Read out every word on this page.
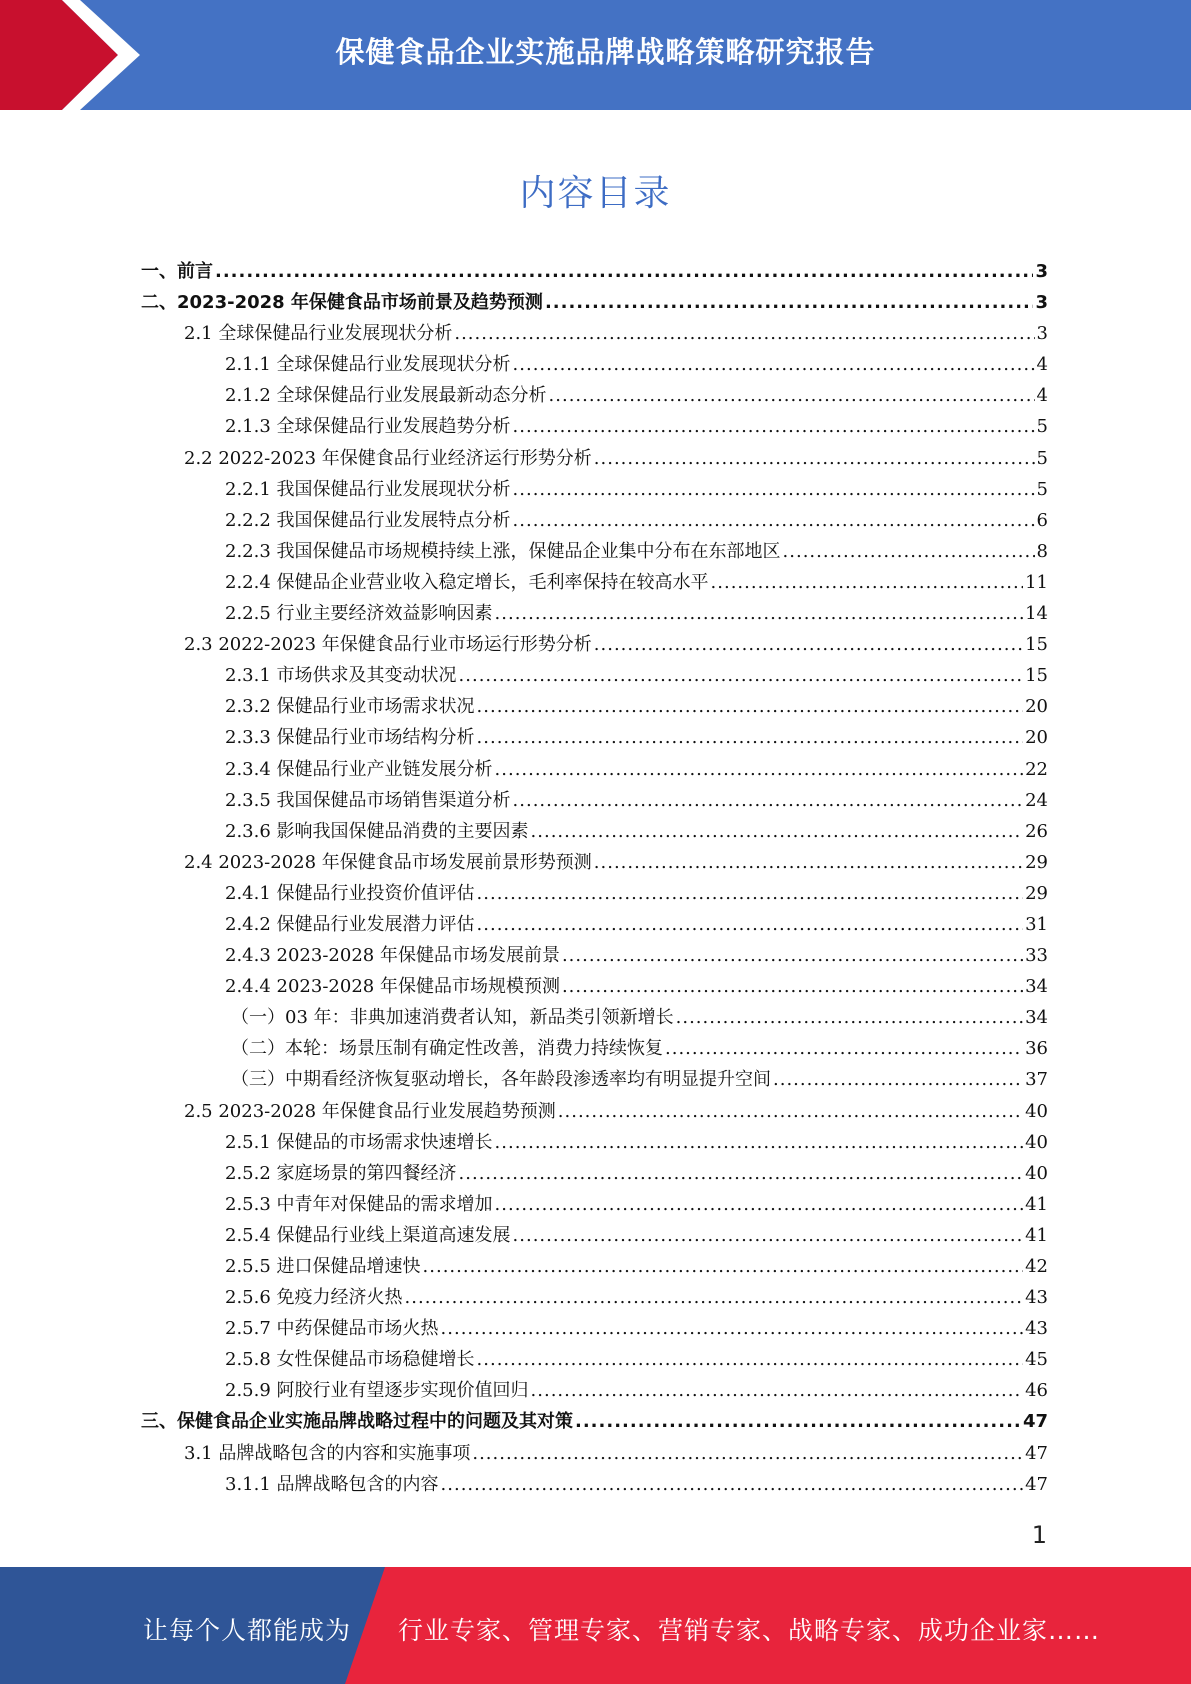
保健食品企业实施品牌战略策略研究报告
内容目录
一、前言 .....	3
二、2023-2028 年保健食品市场前景及趋势预测 .....	3
2.1 全球保健品行业发展现状分析 .....	3
2.1.1 全球保健品行业发展现状分析 .....	4
2.1.2 全球保健品行业发展最新动态分析 .....	4
2.1.3 全球保健品行业发展趋势分析 .....	5
2.2 2022-2023 年保健食品行业经济运行形势分析 .....	5
2.2.1 我国保健品行业发展现状分析 .....	5
2.2.2 我国保健品行业发展特点分析 .....	6
2.2.3 我国保健品市场规模持续上涨，保健品企业集中分布在东部地区 .....	8
2.2.4 保健品企业营业收入稳定增长，毛利率保持在较高水平 .....	11
2.2.5 行业主要经济效益影响因素 .....	14
2.3 2022-2023 年保健食品行业市场运行形势分析 .....	15
2.3.1 市场供求及其变动状况 .....	15
2.3.2 保健品行业市场需求状况 .....	20
2.3.3 保健品行业市场结构分析 .....	20
2.3.4 保健品行业产业链发展分析 .....	22
2.3.5 我国保健品市场销售渠道分析 .....	24
2.3.6 影响我国保健品消费的主要因素 .....	26
2.4 2023-2028 年保健食品市场发展前景形势预测 .....	29
2.4.1 保健品行业投资价值评估 .....	29
2.4.2 保健品行业发展潜力评估 .....	31
2.4.3 2023-2028 年保健品市场发展前景 .....	33
2.4.4 2023-2028 年保健品市场规模预测 .....	34
（一）03 年：非典加速消费者认知，新品类引领新增长 .....	34
（二）本轮：场景压制有确定性改善，消费力持续恢复 .....	36
（三）中期看经济恢复驱动增长，各年龄段渗透率均有明显提升空间 .....	37
2.5 2023-2028 年保健食品行业发展趋势预测 .....	40
2.5.1 保健品的市场需求快速增长 .....	40
2.5.2 家庭场景的第四餐经济 .....	40
2.5.3 中青年对保健品的需求增加 .....	41
2.5.4 保健品行业线上渠道高速发展 .....	41
2.5.5 进口保健品增速快 .....	42
2.5.6 免疫力经济火热 .....	43
2.5.7 中药保健品市场火热 .....	43
2.5.8 女性保健品市场稳健增长 .....	45
2.5.9 阿胶行业有望逐步实现价值回归 .....	46
三、保健食品企业实施品牌战略过程中的问题及其对策 .....	47
3.1 品牌战略包含的内容和实施事项 .....	47
3.1.1 品牌战略包含的内容 .....	47
1
让每个人都能成为 行业专家、管理专家、营销专家、战略专家、成功企业家……
